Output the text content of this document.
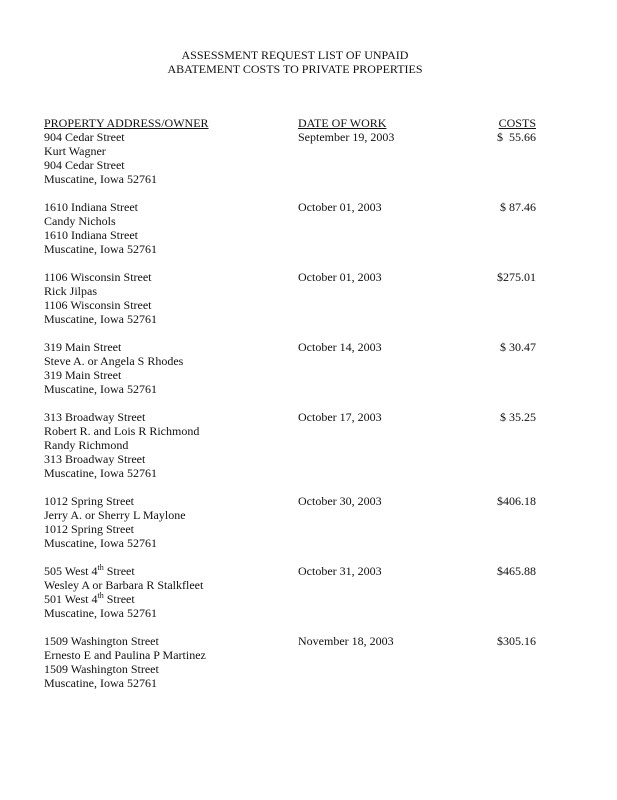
ASSESSMENT REQUEST LIST OF UNPAID
ABATEMENT COSTS TO PRIVATE PROPERTIES
PROPERTY ADDRESS/OWNER	DATE OF WORK	COSTS
904 Cedar Street
Kurt Wagner
904 Cedar Street
Muscatine, Iowa 52761
September 19, 2003	$  55.66
1610 Indiana Street
Candy Nichols
1610 Indiana Street
Muscatine, Iowa 52761
October 01, 2003	$ 87.46
1106 Wisconsin Street
Rick Jilpas
1106 Wisconsin Street
Muscatine, Iowa 52761
October 01, 2003	$275.01
319 Main Street
Steve A. or Angela S Rhodes
319 Main Street
Muscatine, Iowa 52761
October 14, 2003	$ 30.47
313 Broadway Street
Robert R. and Lois R Richmond
Randy Richmond
313 Broadway Street
Muscatine, Iowa 52761
October 17, 2003	$ 35.25
1012 Spring Street
Jerry A. or Sherry L Maylone
1012 Spring Street
Muscatine, Iowa 52761
October 30, 2003	$406.18
505 West 4th Street
Wesley A or Barbara R Stalkfleet
501 West 4th Street
Muscatine, Iowa 52761
October 31, 2003	$465.88
1509 Washington Street
Ernesto E and Paulina P Martinez
1509 Washington Street
Muscatine, Iowa 52761
November 18, 2003	$305.16
